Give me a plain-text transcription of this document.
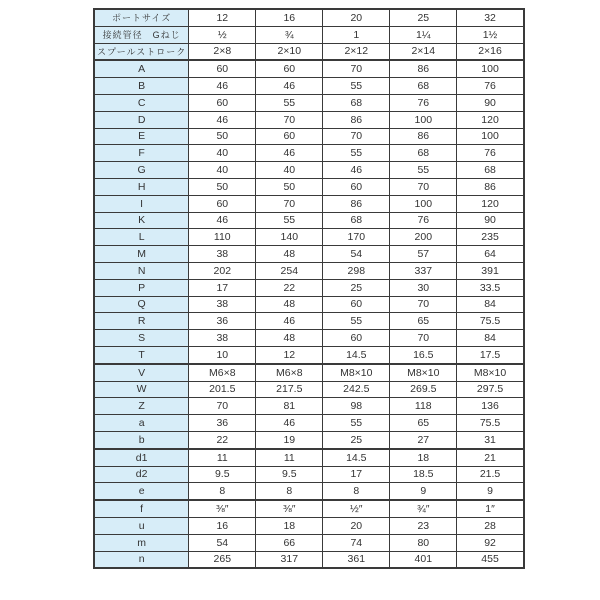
ポートサイズ	12	16	20	25	32
接続管径　Gねじ	½	¾	1	1¼	1½
スプールストローク	2×8	2×10	2×12	2×14	2×16
A	60	60	70	86	100
B	46	46	55	68	76
C	60	55	68	76	90
D	46	70	86	100	120
E	50	60	70	86	100
F	40	46	55	68	76
G	40	40	46	55	68
H	50	50	60	70	86
I	60	70	86	100	120
K	46	55	68	76	90
L	110	140	170	200	235
M	38	48	54	57	64
N	202	254	298	337	391
P	17	22	25	30	33.5
Q	38	48	60	70	84
R	36	46	55	65	75.5
S	38	48	60	70	84
T	10	12	14.5	16.5	17.5
V	M6×8	M6×8	M8×10	M8×10	M8×10
W	201.5	217.5	242.5	269.5	297.5
Z	70	81	98	118	136
a	36	46	55	65	75.5
b	22	19	25	27	31
d1	11	11	14.5	18	21
d2	9.5	9.5	17	18.5	21.5
e	8	8	8	9	9
f	⅜″	⅜″	½″	¾″	1″
u	16	18	20	23	28
m	54	66	74	80	92
n	265	317	361	401	455
